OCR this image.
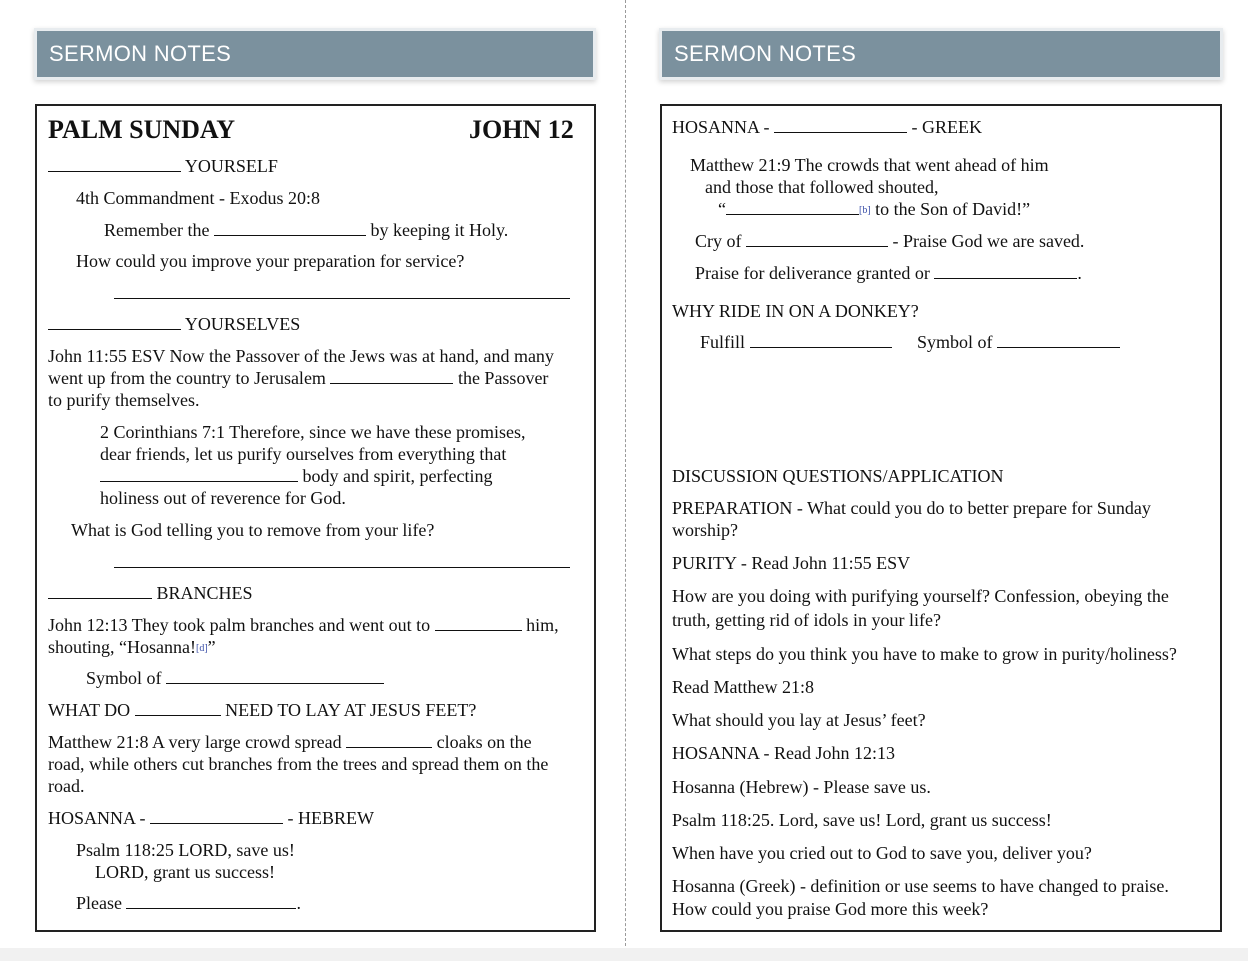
SERMON NOTES
PALM SUNDAY	JOHN 12
YOURSELF
4th Commandment - Exodus 20:8
Remember the	by keeping it Holy.
How could you improve your preparation for service?
YOURSELVES
John 11:55 ESV Now the Passover of the Jews was at hand, and many
went up from the country to Jerusalem	the Passover
to purify themselves.
2 Corinthians 7:1 Therefore, since we have these promises,
dear friends, let us purify ourselves from everything that
body and spirit, perfecting
holiness out of reverence for God.
What is God telling you to remove from your life?
BRANCHES
John 12:13 They took palm branches and went out to	him,
shouting, “Hosanna![d]”
Symbol of
WHAT DO	NEED TO LAY AT JESUS FEET?
Matthew 21:8 A very large crowd spread	cloaks on the
road, while others cut branches from the trees and spread them on the
road.
HOSANNA -	- HEBREW
Psalm 118:25 LORD, save us!
LORD, grant us success!
Please	.
SERMON NOTES
HOSANNA -	- GREEK
Matthew 21:9 The crowds that went ahead of him
and those that followed shouted,
“	[b] to the Son of David!”
Cry of	- Praise God we are saved.
Praise for deliverance granted or	.
WHY RIDE IN ON A DONKEY?
Fulfill	Symbol of
DISCUSSION QUESTIONS/APPLICATION
PREPARATION - What could you do to better prepare for Sunday
worship?
PURITY - Read John 11:55 ESV
How are you doing with purifying yourself? Confession, obeying the
truth, getting rid of idols in your life?
What steps do you think you have to make to grow in purity/holiness?
Read Matthew 21:8
What should you lay at Jesus’ feet?
HOSANNA - Read John 12:13
Hosanna (Hebrew) - Please save us.
Psalm 118:25. Lord, save us! Lord, grant us success!
When have you cried out to God to save you, deliver you?
Hosanna (Greek) - definition or use seems to have changed to praise.
How could you praise God more this week?
